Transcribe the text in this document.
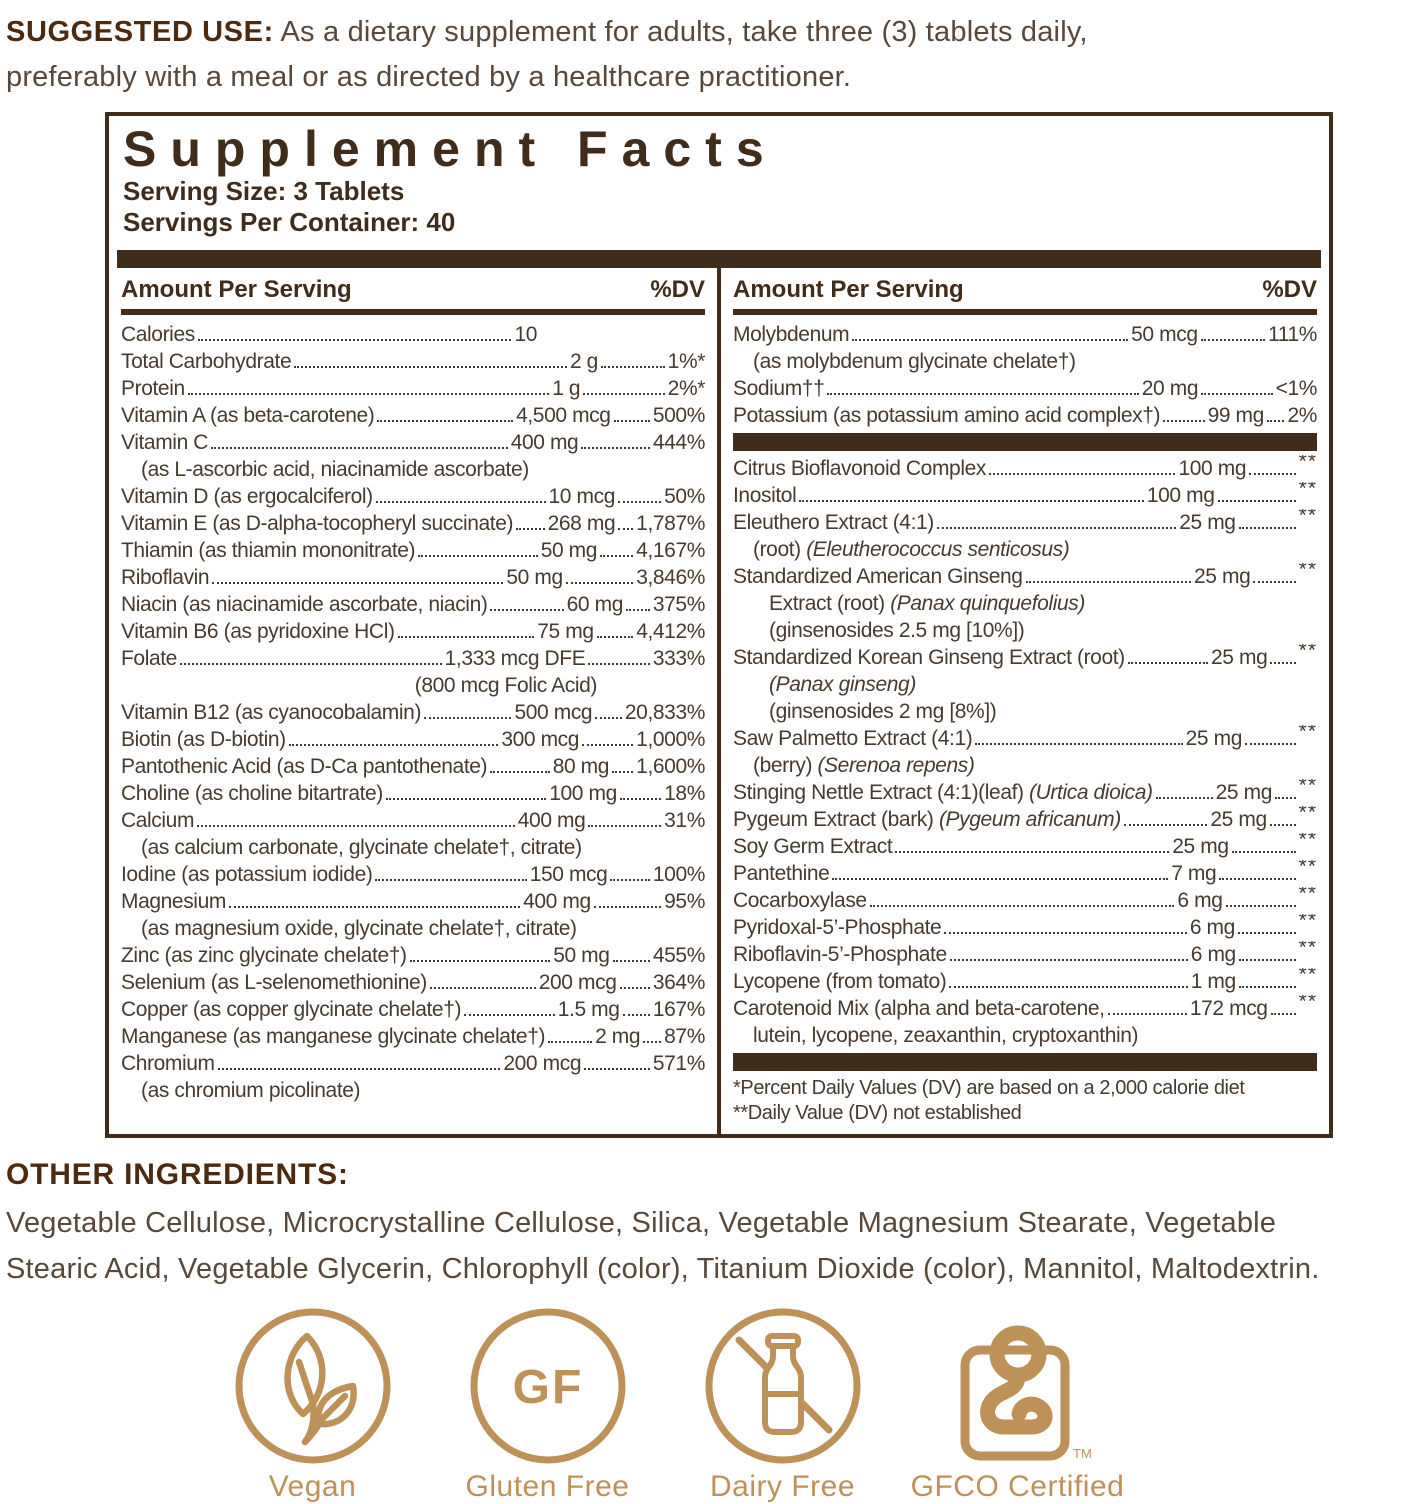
SUGGESTED USE: As a dietary supplement for adults, take three (3) tablets daily,
preferably with a meal or as directed by a healthcare practitioner.
Supplement Facts
Serving Size: 3 Tablets
Servings Per Container: 40
Amount Per Serving	%DV
Calories	10
Total Carbohydrate	2 g	1%*
Protein	1 g	2%*
Vitamin A (as beta-carotene)	4,500 mcg 500%
Vitamin C	400 mg	444%
(as L-ascorbic acid, niacinamide ascorbate)
Vitamin D (as ergocalciferol)	10 mcg 50%
Vitamin E (as D-alpha-tocopheryl succinate) 268 mg 1,787%
Thiamin (as thiamin mononitrate)	50 mg 4,167%
Riboflavin	50 mg	3,846%
Niacin (as niacinamide ascorbate, niacin)	60 mg 375%
Vitamin B6 (as pyridoxine HCl)	75 mg 4,412%
Folate	1,333 mcg DFE	333%
(800 mcg Folic Acid)
Vitamin B12 (as cyanocobalamin)	500 mcg 20,833%
Biotin (as D-biotin)	300 mcg	1,000%
Pantothenic Acid (as D-Ca pantothenate)	80 mg 1,600%
Choline (as choline bitartrate)	100 mg 18%
Calcium	400 mg	31%
(as calcium carbonate, glycinate chelate†, citrate)
Iodine (as potassium iodide)	150 mcg 100%
Magnesium	400 mg	95%
(as magnesium oxide, glycinate chelate†, citrate)
Zinc (as zinc glycinate chelate†)	50 mg 455%
Selenium (as L-selenomethionine)	200 mcg 364%
Copper (as copper glycinate chelate†)	1.5 mg 167%
Manganese (as manganese glycinate chelate†) 2 mg 87%
Chromium	200 mcg	571%
(as chromium picolinate)
Amount Per Serving	%DV
Molybdenum	50 mcg	111%
(as molybdenum glycinate chelate†)
Sodium††	20 mg	<1%
Potassium (as potassium amino acid complex†) 99 mg 2%
Citrus Bioflavonoid Complex	100 mg	**
Inositol	100 mg	**
Eleuthero Extract (4:1)	25 mg	**
(root) (Eleutherococcus senticosus)
Standardized American Ginseng	25 mg **
Extract (root) (Panax quinquefolius)
(ginsenosides 2.5 mg [10%])
Standardized Korean Ginseng Extract (root)	25 mg **
(Panax ginseng)
(ginsenosides 2 mg [8%])
Saw Palmetto Extract (4:1)	25 mg	**
(berry) (Serenoa repens)
Stinging Nettle Extract (4:1)(leaf) (Urtica dioica)	25 mg **
Pygeum Extract (bark) (Pygeum africanum)	25 mg **
Soy Germ Extract	25 mg	**
Pantethine	7 mg	**
Cocarboxylase	6 mg	**
Pyridoxal-5’-Phosphate	6 mg	**
Riboflavin-5’-Phosphate	6 mg	**
Lycopene (from tomato)	1 mg	**
Carotenoid Mix (alpha and beta-carotene,	172 mcg **
lutein, lycopene, zeaxanthin, cryptoxanthin)
*Percent Daily Values (DV) are based on a 2,000 calorie diet
**Daily Value (DV) not established
OTHER INGREDIENTS:
Vegetable Cellulose, Microcrystalline Cellulose, Silica, Vegetable Magnesium Stearate, Vegetable
Stearic Acid, Vegetable Glycerin, Chlorophyll (color), Titanium Dioxide (color), Mannitol, Maltodextrin.
Vegan
GF
Gluten Free	Dairy Free
TM
GFCO Certified
